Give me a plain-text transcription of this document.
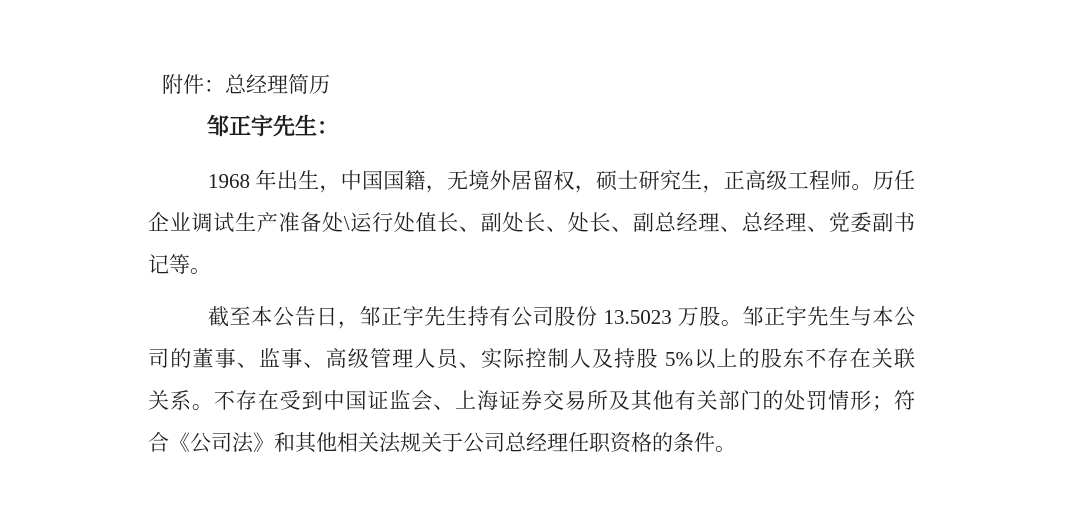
附件：总经理简历
邹正宇先生：
1968 年出生，中国国籍，无境外居留权，硕士研究生，正高级工程师。历任
企业调试生产准备处\运行处值长、副处长、处长、副总经理、总经理、党委副书
记等。
截至本公告日，邹正宇先生持有公司股份 13.5023 万股。邹正宇先生与本公
司的董事、监事、高级管理人员、实际控制人及持股 5%以上的股东不存在关联
关系。不存在受到中国证监会、上海证券交易所及其他有关部门的处罚情形；符
合《公司法》和其他相关法规关于公司总经理任职资格的条件。
